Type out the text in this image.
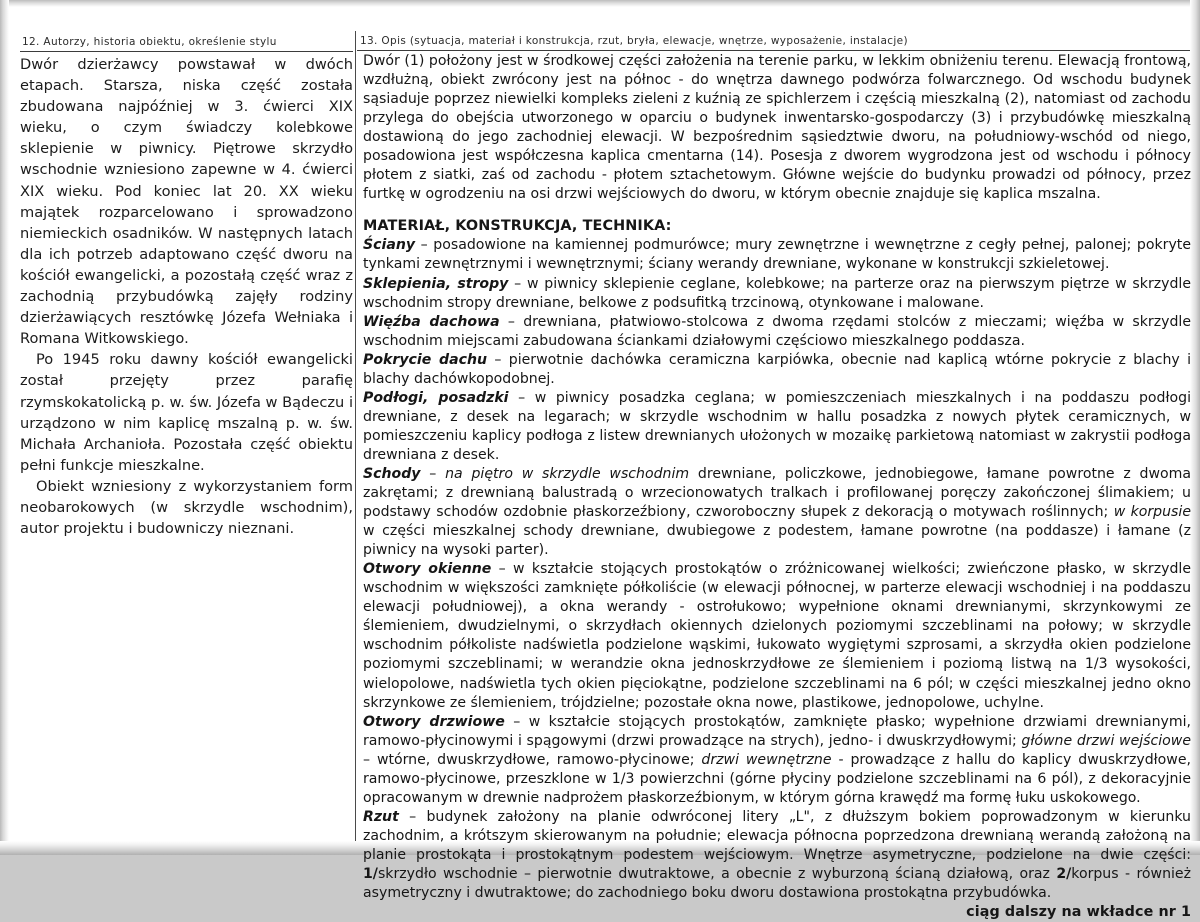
12. Autorzy, historia obiektu, określenie stylu	13. Opis (sytuacja, materiał i konstrukcja, rzut, bryła, elewacje, wnętrze, wyposażenie, instalacje)

Dwór dzierżawcy powstawał w dwóch etapach. Starsza, niska część została zbudowana najpóźniej w 3. ćwierci XIX wieku, o czym świadczy kolebkowe sklepienie w piwnicy. Piętrowe skrzydło wschodnie wzniesiono zapewne w 4. ćwierci XIX wieku. Pod koniec lat 20. XX wieku majątek rozparcelowano i sprowadzono niemieckich osadników. W następnych latach dla ich potrzeb adaptowano część dworu na kościół ewangelicki, a pozostałą część wraz z zachodnią przybudówką zajęły rodziny dzierżawiących resztówkę Józefa Wełniaka i Romana Witkowskiego.

Po 1945 roku dawny kościół ewangelicki został przejęty przez parafię rzymskokatolicką p. w. św. Józefa w Bądeczu i urządzono w nim kaplicę mszalną p. w. św. Michała Archanioła. Pozostała część obiektu pełni funkcje mieszkalne.

Obiekt wzniesiony z wykorzystaniem form neobarokowych (w skrzydle wschodnim), autor projektu i budowniczy nieznani.

Dwór (1) położony jest w środkowej części założenia na terenie parku, w lekkim obniżeniu terenu. Elewacją frontową, wzdłużną, obiekt zwrócony jest na północ - do wnętrza dawnego podwórza folwarcznego. Od wschodu budynek sąsiaduje poprzez niewielki kompleks zieleni z kuźnią ze spichlerzem i częścią mieszkalną (2), natomiast od zachodu przylega do obejścia utworzonego w oparciu o budynek inwentarsko-gospodarczy (3) i przybudówkę mieszkalną dostawioną do jego zachodniej elewacji. W bezpośrednim sąsiedztwie dworu, na południowy-wschód od niego, posadowiona jest współczesna kaplica cmentarna (14). Posesja z dworem wygrodzona jest od wschodu i północy płotem z siatki, zaś od zachodu - płotem sztachetowym. Główne wejście do budynku prowadzi od północy, przez furtkę w ogrodzeniu na osi drzwi wejściowych do dworu, w którym obecnie znajduje się kaplica mszalna.

MATERIAŁ, KONSTRUKCJA, TECHNIKA:

Ściany – posadowione na kamiennej podmurówce; mury zewnętrzne i wewnętrzne z cegły pełnej, palonej; pokryte tynkami zewnętrznymi i wewnętrznymi; ściany werandy drewniane, wykonane w konstrukcji szkieletowej.

Sklepienia, stropy – w piwnicy sklepienie ceglane, kolebkowe; na parterze oraz na pierwszym piętrze w skrzydle wschodnim stropy drewniane, belkowe z podsufitką trzcinową, otynkowane i malowane.

Więźba dachowa – drewniana, płatwiowo-stolcowa z dwoma rzędami stolców z mieczami; więźba w skrzydle wschodnim miejscami zabudowana ściankami działowymi częściowo mieszkalnego poddasza.

Pokrycie dachu – pierwotnie dachówka ceramiczna karpiówka, obecnie nad kaplicą wtórne pokrycie z blachy i blachy dachówkopodobnej.

Podłogi, posadzki – w piwnicy posadzka ceglana; w pomieszczeniach mieszkalnych i na poddaszu podłogi drewniane, z desek na legarach; w skrzydle wschodnim w hallu posadzka z nowych płytek ceramicznych, w pomieszczeniu kaplicy podłoga z listew drewnianych ułożonych w mozaikę parkietową natomiast w zakrystii podłoga drewniana z desek.

Schody – na piętro w skrzydle wschodnim drewniane, policzkowe, jednobiegowe, łamane powrotne z dwoma zakrętami; z drewnianą balustradą o wrzecionowatych tralkach i profilowanej poręczy zakończonej ślimakiem; u podstawy schodów ozdobnie płaskorzeźbiony, czworoboczny słupek z dekoracją o motywach roślinnych; w korpusie w części mieszkalnej schody drewniane, dwubiegowe z podestem, łamane powrotne (na poddasze) i łamane (z piwnicy na wysoki parter).

Otwory okienne – w kształcie stojących prostokątów o zróżnicowanej wielkości; zwieńczone płasko, w skrzydle wschodnim w większości zamknięte półkoliście (w elewacji północnej, w parterze elewacji wschodniej i na poddaszu elewacji południowej), a okna werandy - ostrołukowo; wypełnione oknami drewnianymi, skrzynkowymi ze ślemieniem, dwudzielnymi, o skrzydłach okiennych dzielonych poziomymi szczeblinami na połowy; w skrzydle wschodnim półkoliste nadświetla podzielone wąskimi, łukowato wygiętymi szprosami, a skrzydła okien podzielone poziomymi szczeblinami; w werandzie okna jednoskrzydłowe ze ślemieniem i poziomą listwą na 1/3 wysokości, wielopolowe, nadświetla tych okien pięciokątne, podzielone szczeblinami na 6 pól; w części mieszkalnej jedno okno skrzynkowe ze ślemieniem, trójdzielne; pozostałe okna nowe, plastikowe, jednopolowe, uchylne.

Otwory drzwiowe – w kształcie stojących prostokątów, zamknięte płasko; wypełnione drzwiami drewnianymi, ramowo-płycinowymi i spągowymi (drzwi prowadzące na strych), jedno- i dwuskrzydłowymi; główne drzwi wejściowe – wtórne, dwuskrzydłowe, ramowo-płycinowe; drzwi wewnętrzne - prowadzące z hallu do kaplicy dwuskrzydłowe, ramowo-płycinowe, przeszklone w 1/3 powierzchni (górne płyciny podzielone szczeblinami na 6 pól), z dekoracyjnie opracowanym w drewnie nadprożem płaskorzeźbionym, w którym górna krawędź ma formę łuku uskokowego.

Rzut – budynek założony na planie odwróconej litery „L", z dłuższym bokiem poprowadzonym w kierunku zachodnim, a krótszym skierowanym na południe; elewacja północna poprzedzona drewnianą werandą założoną na planie prostokąta i prostokątnym podestem wejściowym. Wnętrze asymetryczne, podzielone na dwie części: 1/skrzydło wschodnie – pierwotnie dwutraktowe, a obecnie z wyburzoną ścianą działową, oraz 2/korpus - również asymetryczny i dwutraktowe; do zachodniego boku dworu dostawiona prostokątna przybudówka.

ciąg dalszy na wkładce nr 1
